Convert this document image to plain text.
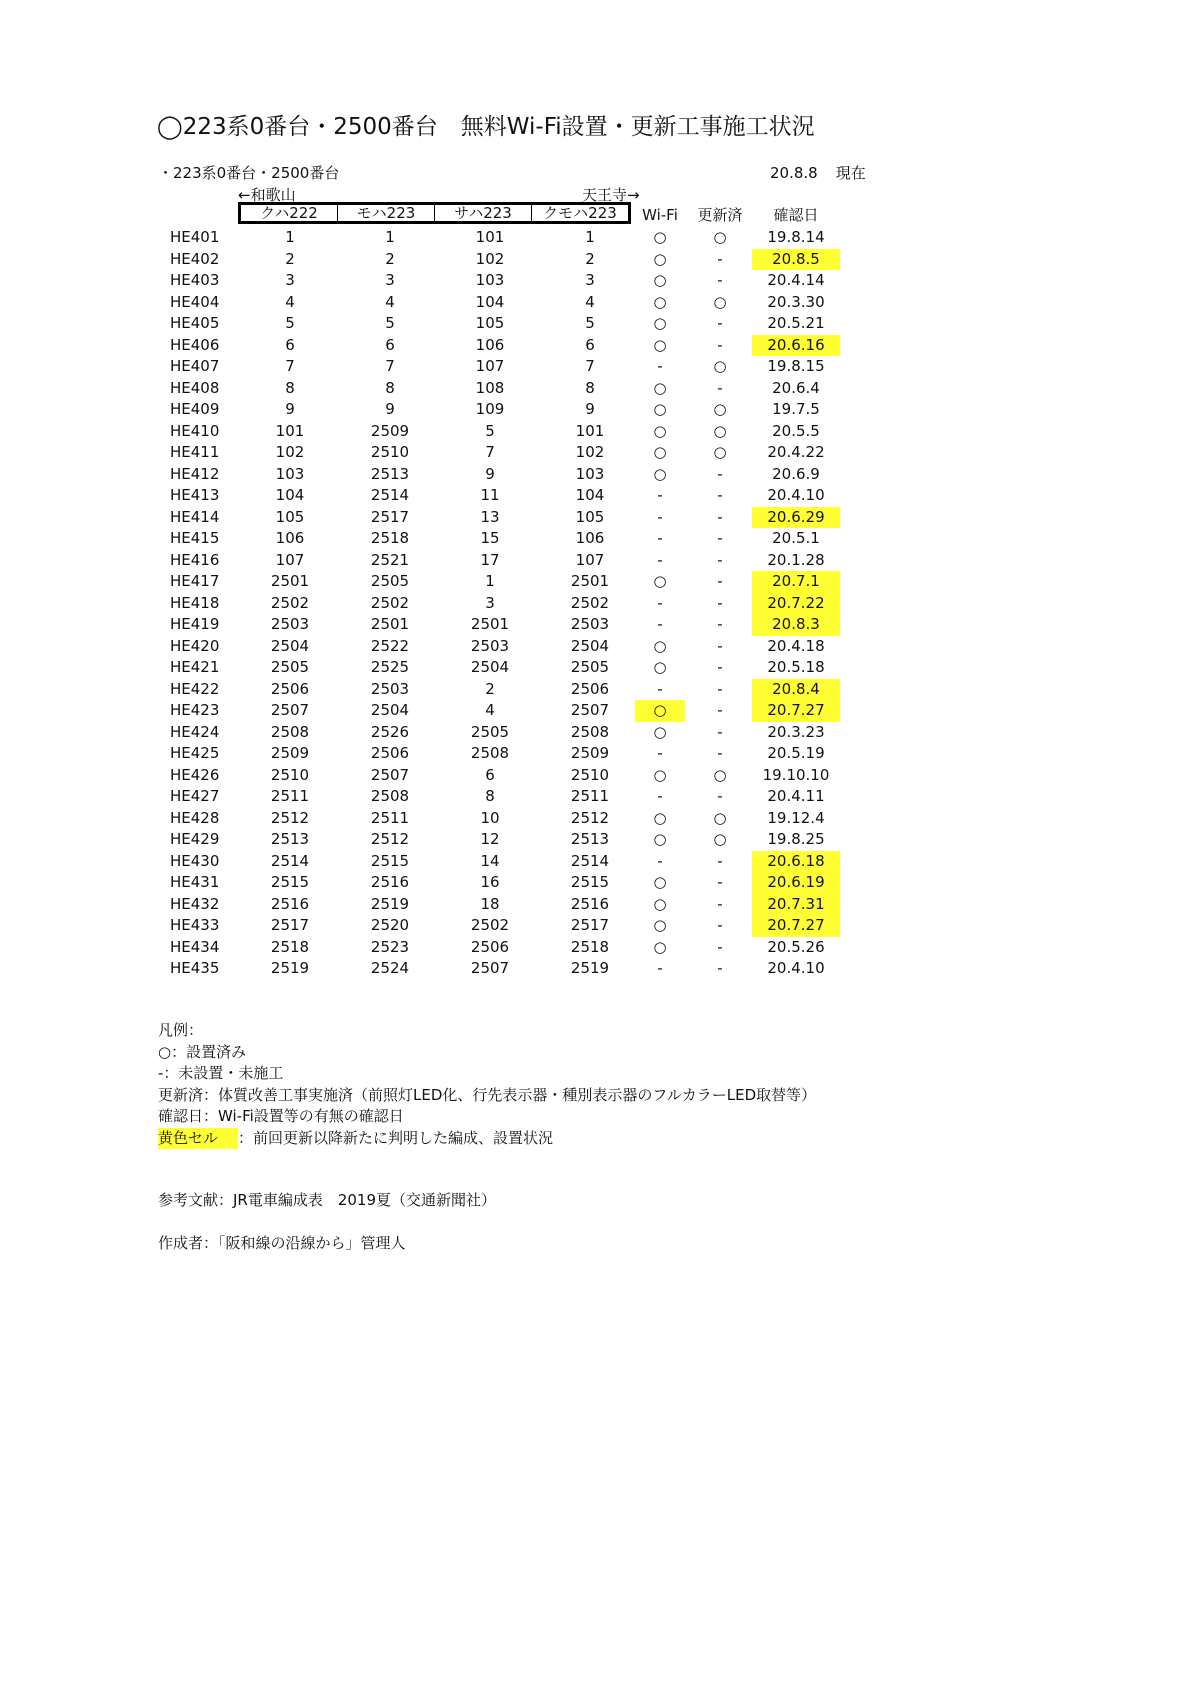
◯223系0番台・2500番台　無料Wi-Fi設置・更新工事施工状況
・223系0番台・2500番台	20.8.8 現在
←和歌山	天王寺→
クハ222	モハ223	サハ223	クモハ223	Wi-Fi	更新済	確認日
HE401	1	1	101	1	○	○	19.8.14
HE402	2	2	102	2	○	-	20.8.5
HE403	3	3	103	3	○	-	20.4.14
HE404	4	4	104	4	○	○	20.3.30
HE405	5	5	105	5	○	-	20.5.21
HE406	6	6	106	6	○	-	20.6.16
HE407	7	7	107	7	-	○	19.8.15
HE408	8	8	108	8	○	-	20.6.4
HE409	9	9	109	9	○	○	19.7.5
HE410	101	2509	5	101	○	○	20.5.5
HE411	102	2510	7	102	○	○	20.4.22
HE412	103	2513	9	103	○	-	20.6.9
HE413	104	2514	11	104	-	-	20.4.10
HE414	105	2517	13	105	-	-	20.6.29
HE415	106	2518	15	106	-	-	20.5.1
HE416	107	2521	17	107	-	-	20.1.28
HE417	2501	2505	1	2501	○	-	20.7.1
HE418	2502	2502	3	2502	-	-	20.7.22
HE419	2503	2501	2501	2503	-	-	20.8.3
HE420	2504	2522	2503	2504	○	-	20.4.18
HE421	2505	2525	2504	2505	○	-	20.5.18
HE422	2506	2503	2	2506	-	-	20.8.4
HE423	2507	2504	4	2507	○	-	20.7.27
HE424	2508	2526	2505	2508	○	-	20.3.23
HE425	2509	2506	2508	2509	-	-	20.5.19
HE426	2510	2507	6	2510	○	○	19.10.10
HE427	2511	2508	8	2511	-	-	20.4.11
HE428	2512	2511	10	2512	○	○	19.12.4
HE429	2513	2512	12	2513	○	○	19.8.25
HE430	2514	2515	14	2514	-	-	20.6.18
HE431	2515	2516	16	2515	○	-	20.6.19
HE432	2516	2519	18	2516	○	-	20.7.31
HE433	2517	2520	2502	2517	○	-	20.7.27
HE434	2518	2523	2506	2518	○	-	20.5.26
HE435	2519	2524	2507	2519	-	-	20.4.10
凡例：
○：設置済み
-：未設置・未施工
更新済：体質改善工事実施済（前照灯LED化、行先表示器・種別表示器のフルカラーLED取替等）
確認日：Wi-Fi設置等の有無の確認日
黄色セル ：前回更新以降新たに判明した編成、設置状況
参考文献：JR電車編成表　2019夏（交通新聞社）
作成者：「阪和線の沿線から」管理人
